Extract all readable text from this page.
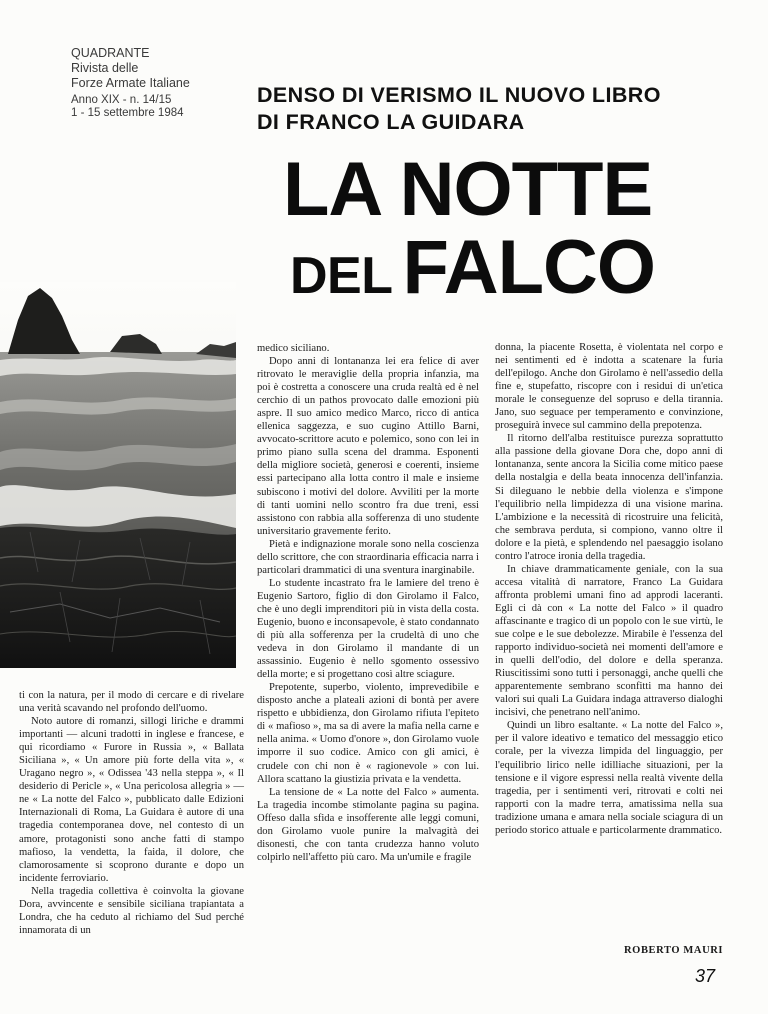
QUADRANTE
Rivista delle
Forze Armate Italiane
Anno XIX - n. 14/15
1 - 15 settembre 1984
DENSO DI VERISMO IL NUOVO LIBRO
DI FRANCO LA GUIDARA
LA NOTTE
DEL FALCO

ti con la natura, per il modo di cercare e di rivelare una verità scavando nel profondo dell'uomo.

Noto autore di romanzi, sillogi liriche e drammi importanti — alcuni tradotti in inglese e francese, e qui ricordiamo « Furore in Russia », « Ballata Siciliana », « Un amore più forte della vita », « Uragano negro », « Odissea '43 nella steppa », « Il desiderio di Pericle », « Una pericolosa allegria » — ne « La notte del Falco », pubblicato dalle Edizioni Internazionali di Roma, La Guidara è autore di una tragedia contemporanea dove, nel contesto di un amore, protagonisti sono anche fatti di stampo mafioso, la vendetta, la faida, il dolore, che clamorosamente si scoprono durante e dopo un incidente ferroviario.

Nella tragedia collettiva è coinvolta la giovane Dora, avvincente e sensibile siciliana trapiantata a Londra, che ha ceduto al richiamo del Sud perché innamorata di un

medico siciliano.

Dopo anni di lontananza lei era felice di aver ritrovato le meraviglie della propria infanzia, ma poi è costretta a conoscere una cruda realtà ed è nel cerchio di un pathos provocato dalle emozioni più aspre. Il suo amico medico Marco, ricco di antica ellenica saggezza, e suo cugino Attillo Barni, avvocato-scrittore acuto e polemico, sono con lei in primo piano sulla scena del dramma. Esponenti della migliore società, generosi e coerenti, insieme essi partecipano alla lotta contro il male e insieme subiscono i motivi del dolore. Avviliti per la morte di tanti uomini nello scontro fra due treni, essi assistono con rabbia alla sofferenza di uno studente universitario gravemente ferito.

Pietà e indignazione morale sono nella coscienza dello scrittore, che con straordinaria efficacia narra i particolari drammatici di una sventura inarginabile.

Lo studente incastrato fra le lamiere del treno è Eugenio Sartoro, figlio di don Girolamo il Falco, che è uno degli imprenditori più in vista della costa. Eugenio, buono e inconsapevole, è stato condannato di più alla sofferenza per la crudeltà di uno che vedeva in don Girolamo il mandante di un assassinio. Eugenio è nello sgomento ossessivo della morte; e si progettano così altre sciagure.

Prepotente, superbo, violento, imprevedibile e disposto anche a plateali azioni di bontà per avere rispetto e ubbidienza, don Girolamo rifiuta l'epiteto di « mafioso », ma sa di avere la mafia nella carne e nella anima. « Uomo d'onore », don Girolamo vuole imporre il suo codice. Amico con gli amici, è crudele con chi non è « ragionevole » con lui. Allora scattano la giustizia privata e la vendetta.

La tensione de « La notte del Falco » aumenta. La tragedia incombe stimolante pagina su pagina. Offeso dalla sfida e insofferente alle leggi comuni, don Girolamo vuole punire la malvagità dei disonesti, che con tanta crudezza hanno voluto colpirlo nell'affetto più caro. Ma un'umile e fragile

donna, la piacente Rosetta, è violentata nel corpo e nei sentimenti ed è indotta a scatenare la furia dell'epilogo. Anche don Girolamo è nell'assedio della fine e, stupefatto, riscopre con i residui di un'etica morale le conseguenze del sopruso e della tirannia. Jano, suo seguace per temperamento e convinzione, proseguirà invece sul cammino della prepotenza.

Il ritorno dell'alba restituisce purezza soprattutto alla passione della giovane Dora che, dopo anni di lontananza, sente ancora la Sicilia come mitico paese della nostalgia e della beata innocenza dell'infanzia. Si dileguano le nebbie della violenza e s'impone l'equilibrio nella limpidezza di una visione marina. L'ambizione e la necessità di ricostruire una felicità, che sembrava perduta, si compiono, vanno oltre il dolore e la pietà, e splendendo nel paesaggio isolano contro l'atroce ironia della tragedia.

In chiave drammaticamente geniale, con la sua accesa vitalità di narratore, Franco La Guidara affronta problemi umani fino ad approdi laceranti. Egli ci dà con « La notte del Falco » il quadro affascinante e tragico di un popolo con le sue virtù, le sue colpe e le sue debolezze. Mirabile è l'essenza del rapporto individuo-società nei momenti dell'amore e in quelli dell'odio, del dolore e della speranza. Riuscitissimi sono tutti i personaggi, anche quelli che apparentemente sembrano sconfitti ma hanno dei valori sui quali La Guidara indaga attraverso dialoghi incisivi, che penetrano nell'animo.

Quindi un libro esaltante. « La notte del Falco », per il valore ideativo e tematico del messaggio etico corale, per la vivezza limpida del linguaggio, per l'equilibrio lirico nelle idilliache situazioni, per la tensione e il vigore espressi nella realtà vivente della tragedia, per i sentimenti veri, ritrovati e colti nei rapporti con la madre terra, amatissima nella sua tradizione umana e amara nella sociale sciagura di un periodo storico attuale e particolarmente drammatico.

ROBERTO MAURI
37
